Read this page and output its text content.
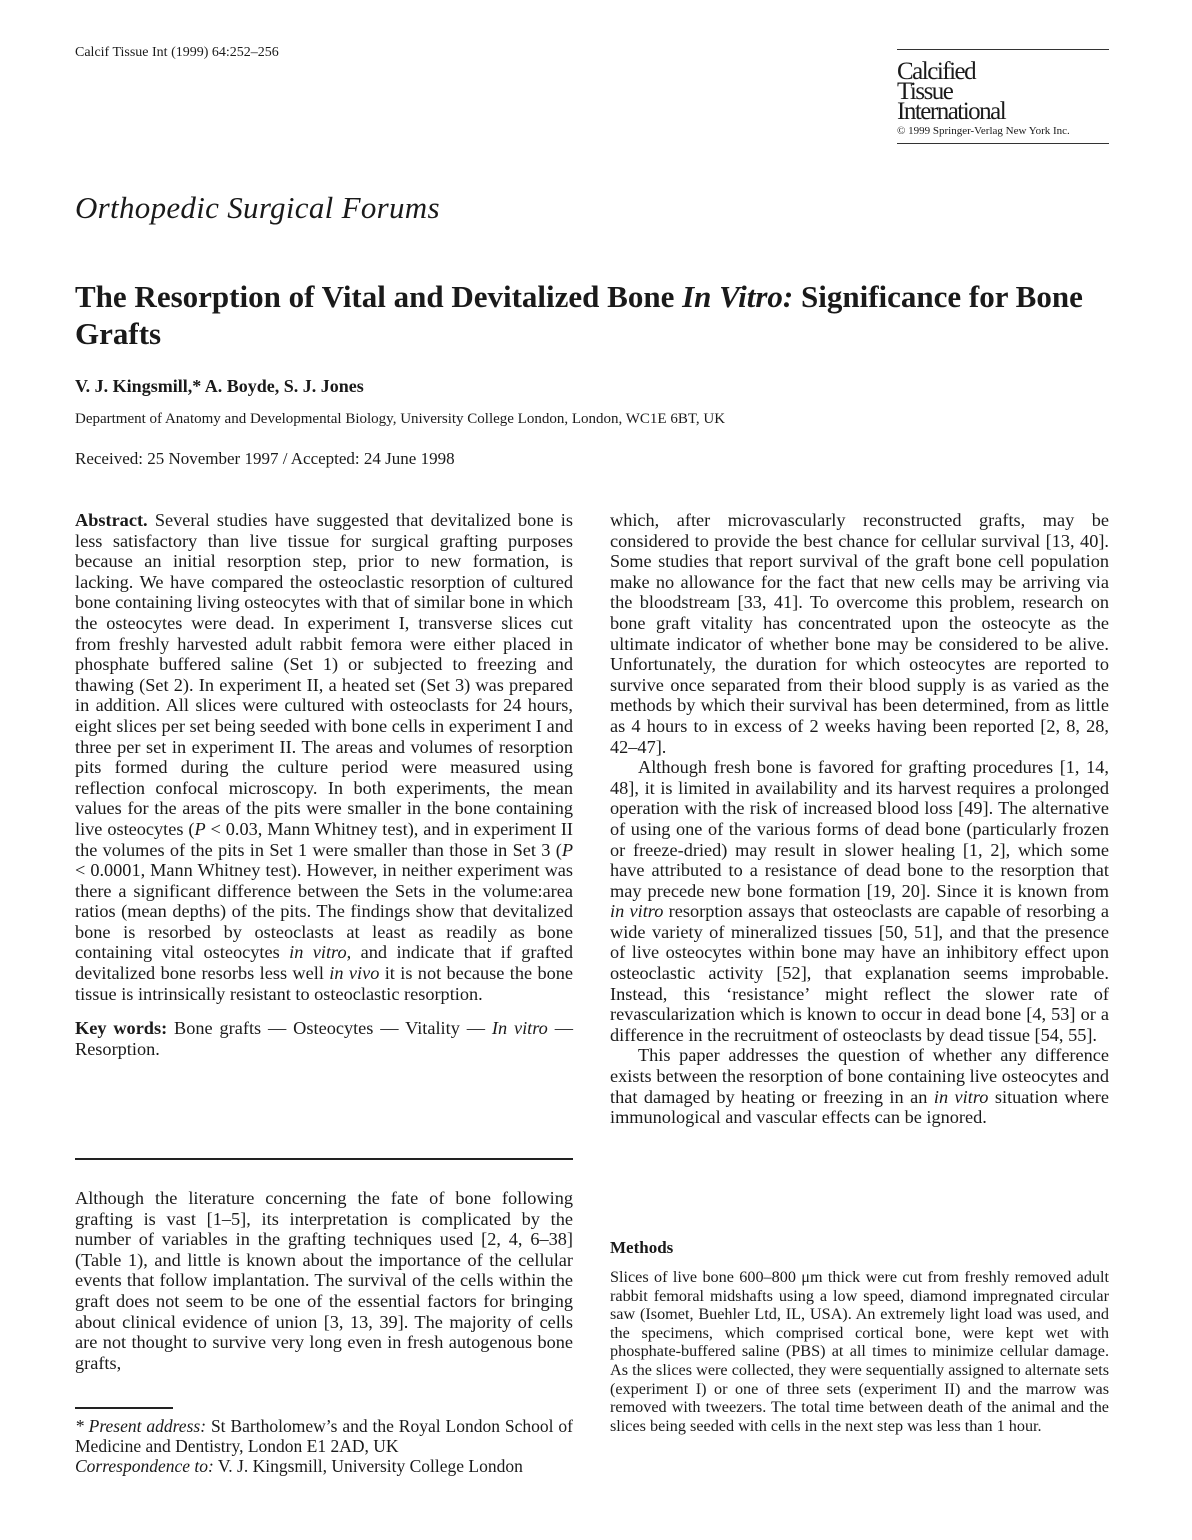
Calcif Tissue Int (1999) 64:252–256
Calcified
Tissue
International
© 1999 Springer-Verlag New York Inc.
Orthopedic Surgical Forums
The Resorption of Vital and Devitalized Bone In Vitro: Significance for Bone Grafts
V. J. Kingsmill,* A. Boyde, S. J. Jones
Department of Anatomy and Developmental Biology, University College London, London, WC1E 6BT, UK
Received: 25 November 1997 / Accepted: 24 June 1998

Abstract. Several studies have suggested that devitalized bone is less satisfactory than live tissue for surgical grafting purposes because an initial resorption step, prior to new formation, is lacking. We have compared the osteoclastic resorption of cultured bone containing living osteocytes with that of similar bone in which the osteocytes were dead. In experiment I, transverse slices cut from freshly harvested adult rabbit femora were either placed in phosphate buffered saline (Set 1) or subjected to freezing and thawing (Set 2). In experiment II, a heated set (Set 3) was prepared in addition. All slices were cultured with osteoclasts for 24 hours, eight slices per set being seeded with bone cells in experiment I and three per set in experiment II. The areas and volumes of resorption pits formed during the culture period were measured using reflection confocal microscopy. In both experiments, the mean values for the areas of the pits were smaller in the bone containing live osteocytes (P < 0.03, Mann Whitney test), and in experiment II the volumes of the pits in Set 1 were smaller than those in Set 3 (P < 0.0001, Mann Whitney test). However, in neither experiment was there a significant difference between the Sets in the volume:area ratios (mean depths) of the pits. The findings show that devitalized bone is resorbed by osteoclasts at least as readily as bone containing vital osteocytes in vitro, and indicate that if grafted devitalized bone resorbs less well in vivo it is not because the bone tissue is intrinsically resistant to osteoclastic resorption.

Key words: Bone grafts — Osteocytes — Vitality — In vitro — Resorption.

Although the literature concerning the fate of bone following grafting is vast [1–5], its interpretation is complicated by the number of variables in the grafting techniques used [2, 4, 6–38] (Table 1), and little is known about the importance of the cellular events that follow implantation. The survival of the cells within the graft does not seem to be one of the essential factors for bringing about clinical evidence of union [3, 13, 39]. The majority of cells are not thought to survive very long even in fresh autogenous bone grafts,

* Present address: St Bartholomew’s and the Royal London School of Medicine and Dentistry, London E1 2AD, UK
Correspondence to: V. J. Kingsmill, University College London

which, after microvascularly reconstructed grafts, may be considered to provide the best chance for cellular survival [13, 40]. Some studies that report survival of the graft bone cell population make no allowance for the fact that new cells may be arriving via the bloodstream [33, 41]. To overcome this problem, research on bone graft vitality has concentrated upon the osteocyte as the ultimate indicator of whether bone may be considered to be alive. Unfortunately, the duration for which osteocytes are reported to survive once separated from their blood supply is as varied as the methods by which their survival has been determined, from as little as 4 hours to in excess of 2 weeks having been reported [2, 8, 28, 42–47].

Although fresh bone is favored for grafting procedures [1, 14, 48], it is limited in availability and its harvest requires a prolonged operation with the risk of increased blood loss [49]. The alternative of using one of the various forms of dead bone (particularly frozen or freeze-dried) may result in slower healing [1, 2], which some have attributed to a resistance of dead bone to the resorption that may precede new bone formation [19, 20]. Since it is known from in vitro resorption assays that osteoclasts are capable of resorbing a wide variety of mineralized tissues [50, 51], and that the presence of live osteocytes within bone may have an inhibitory effect upon osteoclastic activity [52], that explanation seems improbable. Instead, this ‘resistance’ might reflect the slower rate of revascularization which is known to occur in dead bone [4, 53] or a difference in the recruitment of osteoclasts by dead tissue [54, 55].

This paper addresses the question of whether any difference exists between the resorption of bone containing live osteocytes and that damaged by heating or freezing in an in vitro situation where immunological and vascular effects can be ignored.

Methods
Slices of live bone 600–800 μm thick were cut from freshly removed adult rabbit femoral midshafts using a low speed, diamond impregnated circular saw (Isomet, Buehler Ltd, IL, USA). An extremely light load was used, and the specimens, which comprised cortical bone, were kept wet with phosphate-buffered saline (PBS) at all times to minimize cellular damage. As the slices were collected, they were sequentially assigned to alternate sets (experiment I) or one of three sets (experiment II) and the marrow was removed with tweezers. The total time between death of the animal and the slices being seeded with cells in the next step was less than 1 hour.
